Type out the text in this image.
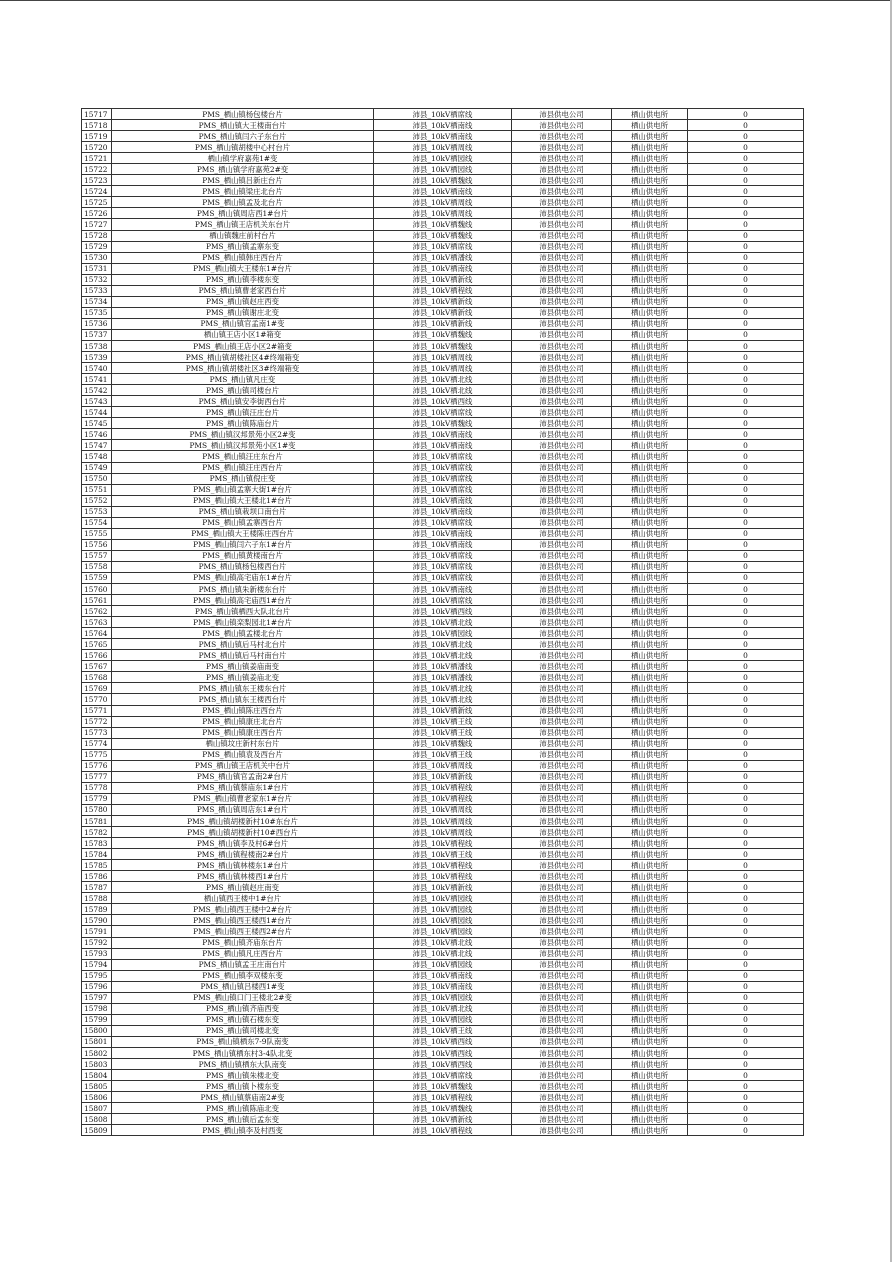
15717	PMS_栖山镇杨包楼台片	沛县_10kV栖席线	沛县供电公司	栖山供电所	0
15718	PMS_栖山镇大王楼南台片	沛县_10kV栖南线	沛县供电公司	栖山供电所	0
15719	PMS_栖山镇闫六子东台片	沛县_10kV栖南线	沛县供电公司	栖山供电所	0
15720	PMS_栖山镇胡楼中心村台片	沛县_10kV栖周线	沛县供电公司	栖山供电所	0
15721	栖山镇学府嘉苑1#变	沛县_10kV栖园线	沛县供电公司	栖山供电所	0
15722	PMS_栖山镇学府嘉苑2#变	沛县_10kV栖园线	沛县供电公司	栖山供电所	0
15723	PMS_栖山镇吕新庄台片	沛县_10kV栖魏线	沛县供电公司	栖山供电所	0
15724	PMS_栖山镇梁庄北台片	沛县_10kV栖南线	沛县供电公司	栖山供电所	0
15725	PMS_栖山镇孟及北台片	沛县_10kV栖周线	沛县供电公司	栖山供电所	0
15726	PMS_栖山镇周店西1#台片	沛县_10kV栖周线	沛县供电公司	栖山供电所	0
15727	PMS_栖山镇王店机关东台片	沛县_10kV栖魏线	沛县供电公司	栖山供电所	0
15728	栖山镇魏庄前村台片	沛县_10kV栖魏线	沛县供电公司	栖山供电所	0
15729	PMS_栖山镇孟寨东变	沛县_10kV栖席线	沛县供电公司	栖山供电所	0
15730	PMS_栖山镇韩庄西台片	沛县_10kV栖潘线	沛县供电公司	栖山供电所	0
15731	PMS_栖山镇大王楼东1#台片	沛县_10kV栖南线	沛县供电公司	栖山供电所	0
15732	PMS_栖山镇李楼东变	沛县_10kV栖新线	沛县供电公司	栖山供电所	0
15733	PMS_栖山镇曹老家西台片	沛县_10kV栖程线	沛县供电公司	栖山供电所	0
15734	PMS_栖山镇赵庄西变	沛县_10kV栖新线	沛县供电公司	栖山供电所	0
15735	PMS_栖山镇谢庄北变	沛县_10kV栖新线	沛县供电公司	栖山供电所	0
15736	PMS_栖山镇官孟南1#变	沛县_10kV栖新线	沛县供电公司	栖山供电所	0
15737	栖山镇王店小区1#箱变	沛县_10kV栖魏线	沛县供电公司	栖山供电所	0
15738	PMS_栖山镇王店小区2#箱变	沛县_10kV栖魏线	沛县供电公司	栖山供电所	0
15739	PMS_栖山镇胡楼社区4#终端箱变	沛县_10kV栖周线	沛县供电公司	栖山供电所	0
15740	PMS_栖山镇胡楼社区3#终端箱变	沛县_10kV栖周线	沛县供电公司	栖山供电所	0
15741	PMS_栖山镇凡庄变	沛县_10kV栖北线	沛县供电公司	栖山供电所	0
15742	PMS_栖山镇司楼台片	沛县_10kV栖北线	沛县供电公司	栖山供电所	0
15743	PMS_栖山镇安李街西台片	沛县_10kV栖西线	沛县供电公司	栖山供电所	0
15744	PMS_栖山镇汪庄台片	沛县_10kV栖席线	沛县供电公司	栖山供电所	0
15745	PMS_栖山镇陈庙台片	沛县_10kV栖魏线	沛县供电公司	栖山供电所	0
15746	PMS_栖山镇汉邦景苑小区2#变	沛县_10kV栖南线	沛县供电公司	栖山供电所	0
15747	PMS_栖山镇汉邦景苑小区1#变	沛县_10kV栖南线	沛县供电公司	栖山供电所	0
15748	PMS_栖山镇汪庄东台片	沛县_10kV栖席线	沛县供电公司	栖山供电所	0
15749	PMS_栖山镇汪庄西台片	沛县_10kV栖席线	沛县供电公司	栖山供电所	0
15750	PMS_栖山镇倪庄变	沛县_10kV栖席线	沛县供电公司	栖山供电所	0
15751	PMS_栖山镇孟寨大街1#台片	沛县_10kV栖席线	沛县供电公司	栖山供电所	0
15752	PMS_栖山镇大王楼北1#台片	沛县_10kV栖南线	沛县供电公司	栖山供电所	0
15753	PMS_栖山镇栽坝口南台片	沛县_10kV栖南线	沛县供电公司	栖山供电所	0
15754	PMS_栖山镇孟寨西台片	沛县_10kV栖席线	沛县供电公司	栖山供电所	0
15755	PMS_栖山镇大王楼陈庄西台片	沛县_10kV栖南线	沛县供电公司	栖山供电所	0
15756	PMS_栖山镇闫六子东1#台片	沛县_10kV栖南线	沛县供电公司	栖山供电所	0
15757	PMS_栖山镇黄楼南台片	沛县_10kV栖席线	沛县供电公司	栖山供电所	0
15758	PMS_栖山镇杨包楼西台片	沛县_10kV栖席线	沛县供电公司	栖山供电所	0
15759	PMS_栖山镇高宅庙东1#台片	沛县_10kV栖席线	沛县供电公司	栖山供电所	0
15760	PMS_栖山镇朱新楼东台片	沛县_10kV栖南线	沛县供电公司	栖山供电所	0
15761	PMS_栖山镇高宅庙西1#台片	沛县_10kV栖席线	沛县供电公司	栖山供电所	0
15762	PMS_栖山镇栖西大队北台片	沛县_10kV栖西线	沛县供电公司	栖山供电所	0
15763	PMS_栖山镇栾梨园北1#台片	沛县_10kV栖北线	沛县供电公司	栖山供电所	0
15764	PMS_栖山镇孟楼北台片	沛县_10kV栖园线	沛县供电公司	栖山供电所	0
15765	PMS_栖山镇后马村北台片	沛县_10kV栖北线	沛县供电公司	栖山供电所	0
15766	PMS_栖山镇后马村南台片	沛县_10kV栖北线	沛县供电公司	栖山供电所	0
15767	PMS_栖山镇姜庙南变	沛县_10kV栖潘线	沛县供电公司	栖山供电所	0
15768	PMS_栖山镇姜庙北变	沛县_10kV栖潘线	沛县供电公司	栖山供电所	0
15769	PMS_栖山镇东王楼东台片	沛县_10kV栖北线	沛县供电公司	栖山供电所	0
15770	PMS_栖山镇东王楼西台片	沛县_10kV栖北线	沛县供电公司	栖山供电所	0
15771	PMS_栖山镇陈庄西台片	沛县_10kV栖新线	沛县供电公司	栖山供电所	0
15772	PMS_栖山镇康庄北台片	沛县_10kV栖王线	沛县供电公司	栖山供电所	0
15773	PMS_栖山镇康庄西台片	沛县_10kV栖王线	沛县供电公司	栖山供电所	0
15774	栖山镇坟庄新村东台片	沛县_10kV栖魏线	沛县供电公司	栖山供电所	0
15775	PMS_栖山镇袁及西台片	沛县_10kV栖王线	沛县供电公司	栖山供电所	0
15776	PMS_栖山镇王店机关中台片	沛县_10kV栖周线	沛县供电公司	栖山供电所	0
15777	PMS_栖山镇官孟南2#台片	沛县_10kV栖新线	沛县供电公司	栖山供电所	0
15778	PMS_栖山镇蔡庙东1#台片	沛县_10kV栖程线	沛县供电公司	栖山供电所	0
15779	PMS_栖山镇曹老家东1#台片	沛县_10kV栖程线	沛县供电公司	栖山供电所	0
15780	PMS_栖山镇周店东1#台片	沛县_10kV栖周线	沛县供电公司	栖山供电所	0
15781	PMS_栖山镇胡楼新村10#东台片	沛县_10kV栖周线	沛县供电公司	栖山供电所	0
15782	PMS_栖山镇胡楼新村10#西台片	沛县_10kV栖周线	沛县供电公司	栖山供电所	0
15783	PMS_栖山镇李及村6#台片	沛县_10kV栖程线	沛县供电公司	栖山供电所	0
15784	PMS_栖山镇程楼南2#台片	沛县_10kV栖王线	沛县供电公司	栖山供电所	0
15785	PMS_栖山镇林楼东1#台片	沛县_10kV栖程线	沛县供电公司	栖山供电所	0
15786	PMS_栖山镇林楼西1#台片	沛县_10kV栖程线	沛县供电公司	栖山供电所	0
15787	PMS_栖山镇赵庄南变	沛县_10kV栖新线	沛县供电公司	栖山供电所	0
15788	栖山镇西王楼中1#台片	沛县_10kV栖园线	沛县供电公司	栖山供电所	0
15789	PMS_栖山镇西王楼中2#台片	沛县_10kV栖园线	沛县供电公司	栖山供电所	0
15790	PMS_栖山镇西王楼西1#台片	沛县_10kV栖园线	沛县供电公司	栖山供电所	0
15791	PMS_栖山镇西王楼西2#台片	沛县_10kV栖园线	沛县供电公司	栖山供电所	0
15792	PMS_栖山镇齐庙东台片	沛县_10kV栖北线	沛县供电公司	栖山供电所	0
15793	PMS_栖山镇凡庄西台片	沛县_10kV栖北线	沛县供电公司	栖山供电所	0
15794	PMS_栖山镇孟王庄南台片	沛县_10kV栖园线	沛县供电公司	栖山供电所	0
15795	PMS_栖山镇李双楼东变	沛县_10kV栖南线	沛县供电公司	栖山供电所	0
15796	PMS_栖山镇吕楼西1#变	沛县_10kV栖南线	沛县供电公司	栖山供电所	0
15797	PMS_栖山镇口门王楼北2#变	沛县_10kV栖园线	沛县供电公司	栖山供电所	0
15798	PMS_栖山镇齐庙西变	沛县_10kV栖北线	沛县供电公司	栖山供电所	0
15799	PMS_栖山镇石楼东变	沛县_10kV栖园线	沛县供电公司	栖山供电所	0
15800	PMS_栖山镇司楼北变	沛县_10kV栖王线	沛县供电公司	栖山供电所	0
15801	PMS_栖山镇栖东7-9队南变	沛县_10kV栖西线	沛县供电公司	栖山供电所	0
15802	PMS_栖山镇栖东村3-4队北变	沛县_10kV栖西线	沛县供电公司	栖山供电所	0
15803	PMS_栖山镇栖东大队南变	沛县_10kV栖西线	沛县供电公司	栖山供电所	0
15804	PMS_栖山镇朱楼北变	沛县_10kV栖席线	沛县供电公司	栖山供电所	0
15805	PMS_栖山镇卜楼东变	沛县_10kV栖魏线	沛县供电公司	栖山供电所	0
15806	PMS_栖山镇蔡庙南2#变	沛县_10kV栖程线	沛县供电公司	栖山供电所	0
15807	PMS_栖山镇陈庙北变	沛县_10kV栖魏线	沛县供电公司	栖山供电所	0
15808	PMS_栖山镇后孟东变	沛县_10kV栖新线	沛县供电公司	栖山供电所	0
15809	PMS_栖山镇李及村西变	沛县_10kV栖程线	沛县供电公司	栖山供电所	0
